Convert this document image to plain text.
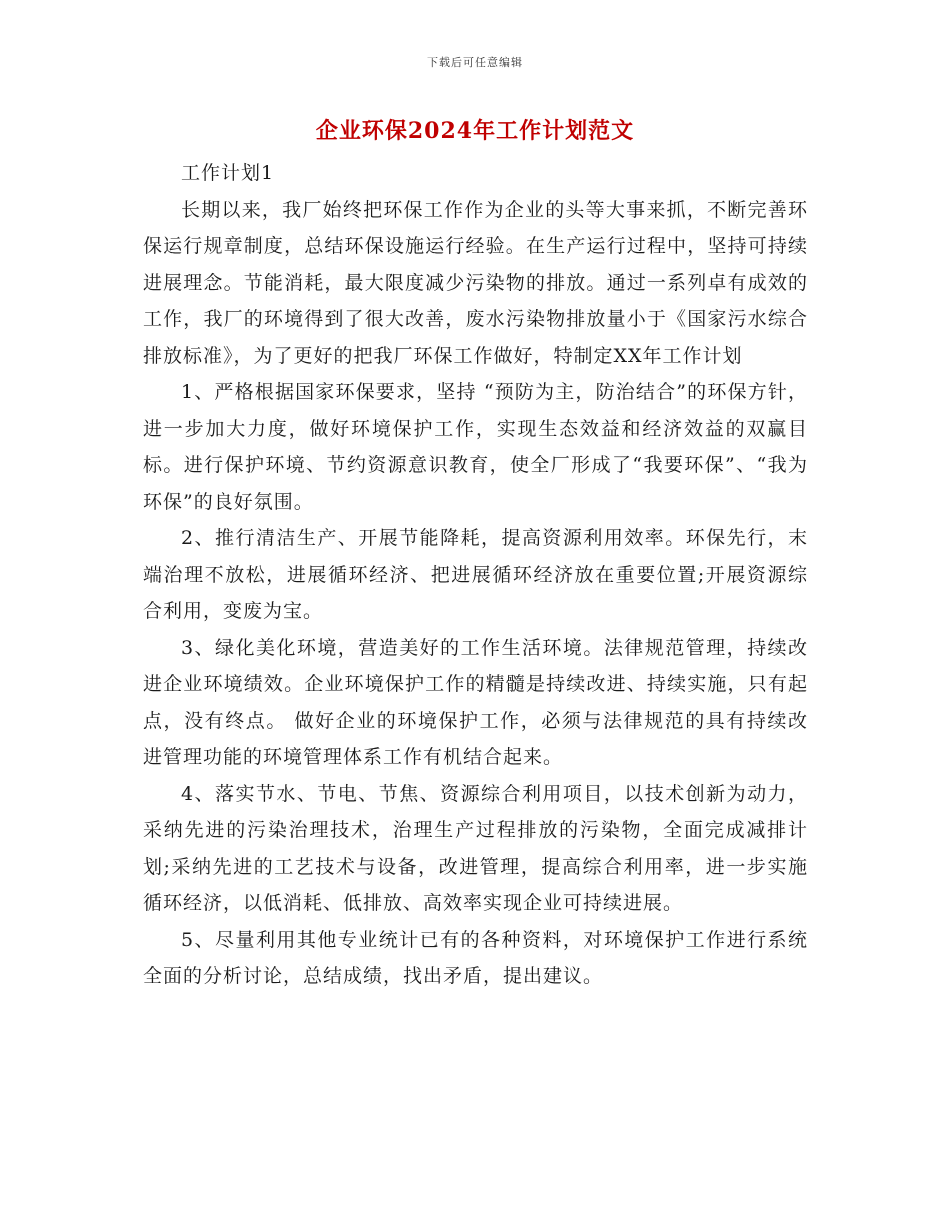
下载后可任意编辑
企业环保2024年工作计划范文

工作计划1

长期以来，我厂始终把环保工作作为企业的头等大事来抓，不断完善环保运行规章制度，总结环保设施运行经验。在生产运行过程中，坚持可持续进展理念。节能消耗，最大限度减少污染物的排放。通过一系列卓有成效的工作，我厂的环境得到了很大改善，废水污染物排放量小于《国家污水综合排放标准》，为了更好的把我厂环保工作做好，特制定XX年工作计划

1、严格根据国家环保要求，坚持 “预防为主，防治结合”的环保方针，进一步加大力度，做好环境保护工作，实现生态效益和经济效益的双赢目标。进行保护环境、节约资源意识教育，使全厂形成了“我要环保”、“我为环保”的良好氛围。

2、推行清洁生产、开展节能降耗，提高资源利用效率。环保先行，末端治理不放松，进展循环经济、把进展循环经济放在重要位置;开展资源综合利用，变废为宝。

3、绿化美化环境，营造美好的工作生活环境。法律规范管理，持续改进企业环境绩效。企业环境保护工作的精髓是持续改进、持续实施，只有起点，没有终点。 做好企业的环境保护工作，必须与法律规范的具有持续改进管理功能的环境管理体系工作有机结合起来。

4、落实节水、节电、节焦、资源综合利用项目，以技术创新为动力，采纳先进的污染治理技术，治理生产过程排放的污染物，全面完成减排计划;采纳先进的工艺技术与设备，改进管理，提高综合利用率，进一步实施循环经济，以低消耗、低排放、高效率实现企业可持续进展。

5、尽量利用其他专业统计已有的各种资料，对环境保护工作进行系统全面的分析讨论，总结成绩，找出矛盾，提出建议。
